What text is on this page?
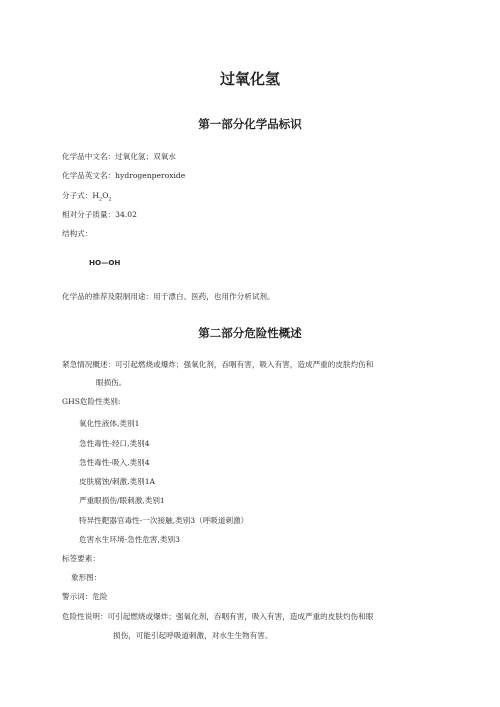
过氧化氢
第一部分化学品标识

化学品中文名：过氧化氢；双氧水

化学品英文名：hydrogenperoxide

分子式：$H_2O_2$

相对分子质量：34.02

结构式：

HO—OH

化学品的推荐及限制用途：用于漂白、医药，也用作分析试剂。

第二部分危险性概述

紧急情况概述：可引起燃烧或爆炸；强氧化剂，吞咽有害，吸入有害，造成严重的皮肤灼伤和

眼损伤。

GHS危险性类别:

氧化性液体,类别1

急性毒性-经口,类别4

急性毒性-吸入,类别4

皮肤腐蚀/刺激,类别1A

严重眼损伤/眼刺激,类别1

特异性靶器官毒性-一次接触,类别3（呼吸道刺激）

危害水生环境-急性危害,类别3

标签要素：

象形图：

警示词：危险

危险性说明：可引起燃烧或爆炸；强氧化剂，吞咽有害，吸入有害，造成严重的皮肤灼伤和眼

损伤，可能引起呼吸道刺激，对水生生物有害。
